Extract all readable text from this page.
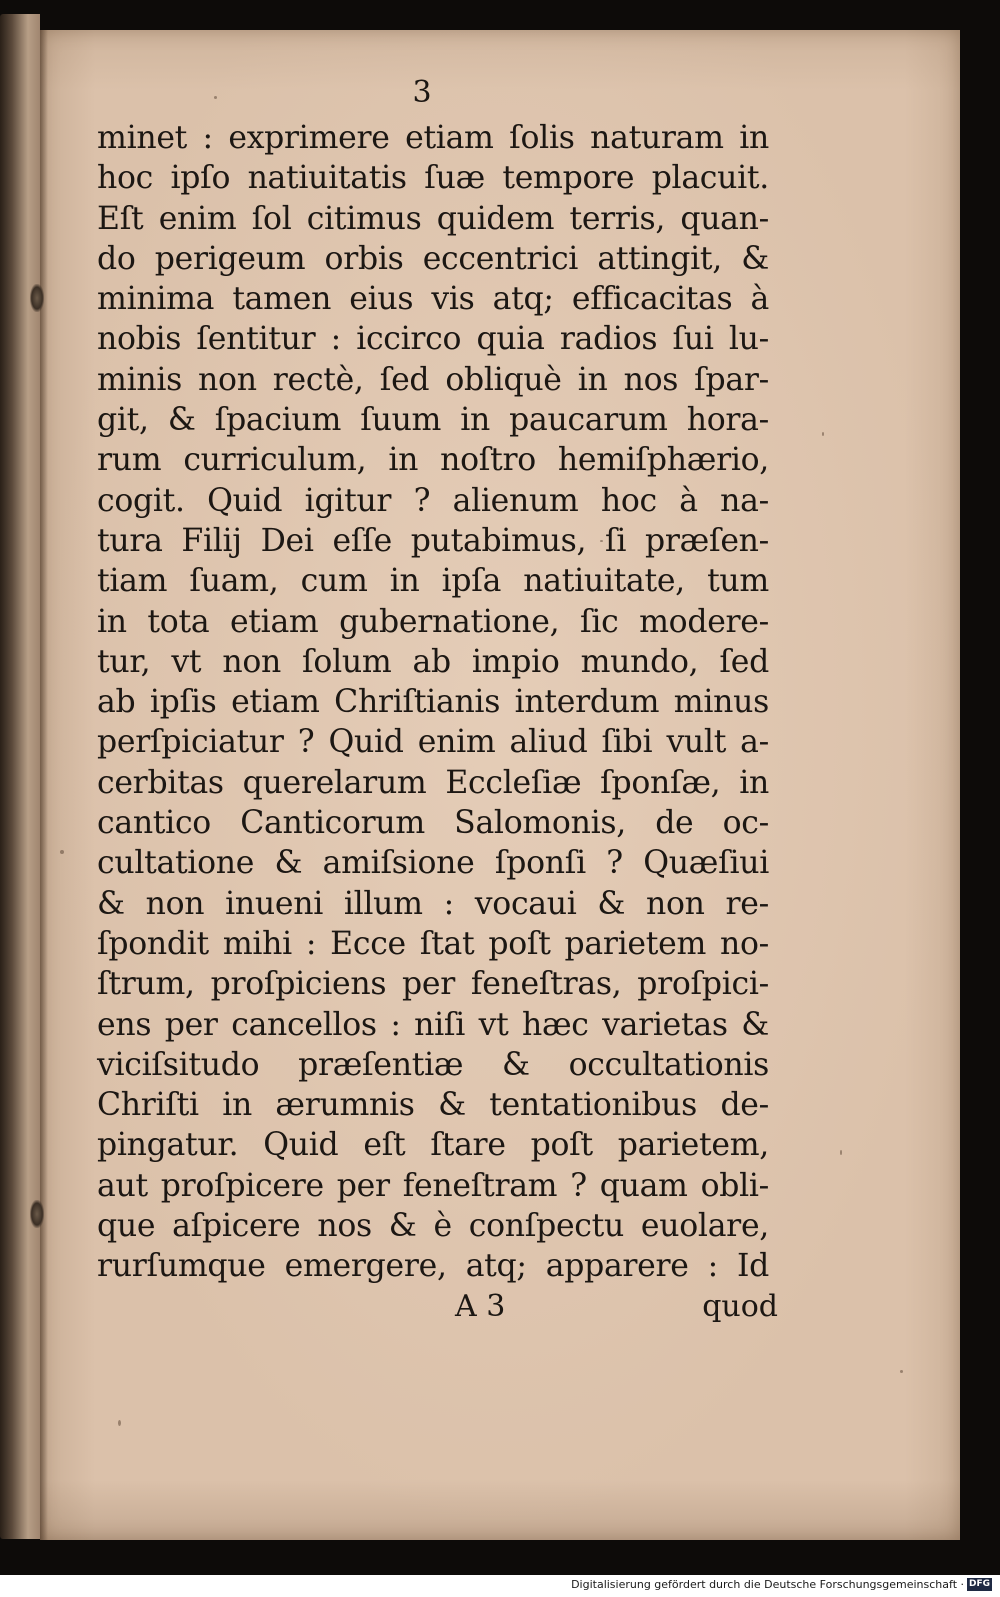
3
minet : exprimere etiam ſolis naturam in
hoc ipſo natiuitatis ſuæ tempore placuit.
Eſt enim ſol citimus quidem terris, quan-
do perigeum orbis eccentrici attingit, &
minima tamen eius vis atq; efficacitas à
nobis ſentitur : iccirco quia radios ſui lu-
minis non rectè, ſed obliquè in nos ſpar-
git, & ſpacium ſuum in paucarum hora-
rum curriculum, in noſtro hemiſphærio,
cogit. Quid igitur ? alienum hoc à na-
tura Filij Dei eſſe putabimus, ſi præſen-
tiam ſuam, cum in ipſa natiuitate, tum
in tota etiam gubernatione, ſic modere-
tur, vt non ſolum ab impio mundo, ſed
ab ipſis etiam Chriſtianis interdum minus
perſpiciatur ? Quid enim aliud ſibi vult a-
cerbitas querelarum Eccleſiæ ſponſæ, in
cantico Canticorum Salomonis, de oc-
cultatione & amiſsione ſponſi ? Quæſiui
& non inueni illum : vocaui & non re-
ſpondit mihi : Ecce ſtat poſt parietem no-
ſtrum, proſpiciens per feneſtras, proſpici-
ens per cancellos : niſi vt hæc varietas &
viciſsitudo præſentiæ & occultationis
Chriſti in ærumnis & tentationibus de-
pingatur. Quid eſt ſtare poſt parietem,
aut proſpicere per feneſtram ? quam obli-
que aſpicere nos & è conſpectu euolare,
rurſumque emergere, atq; apparere : Id
A 3	quod
Digitalisierung gefördert durch die Deutsche Forschungsgemeinschaft · DFG
